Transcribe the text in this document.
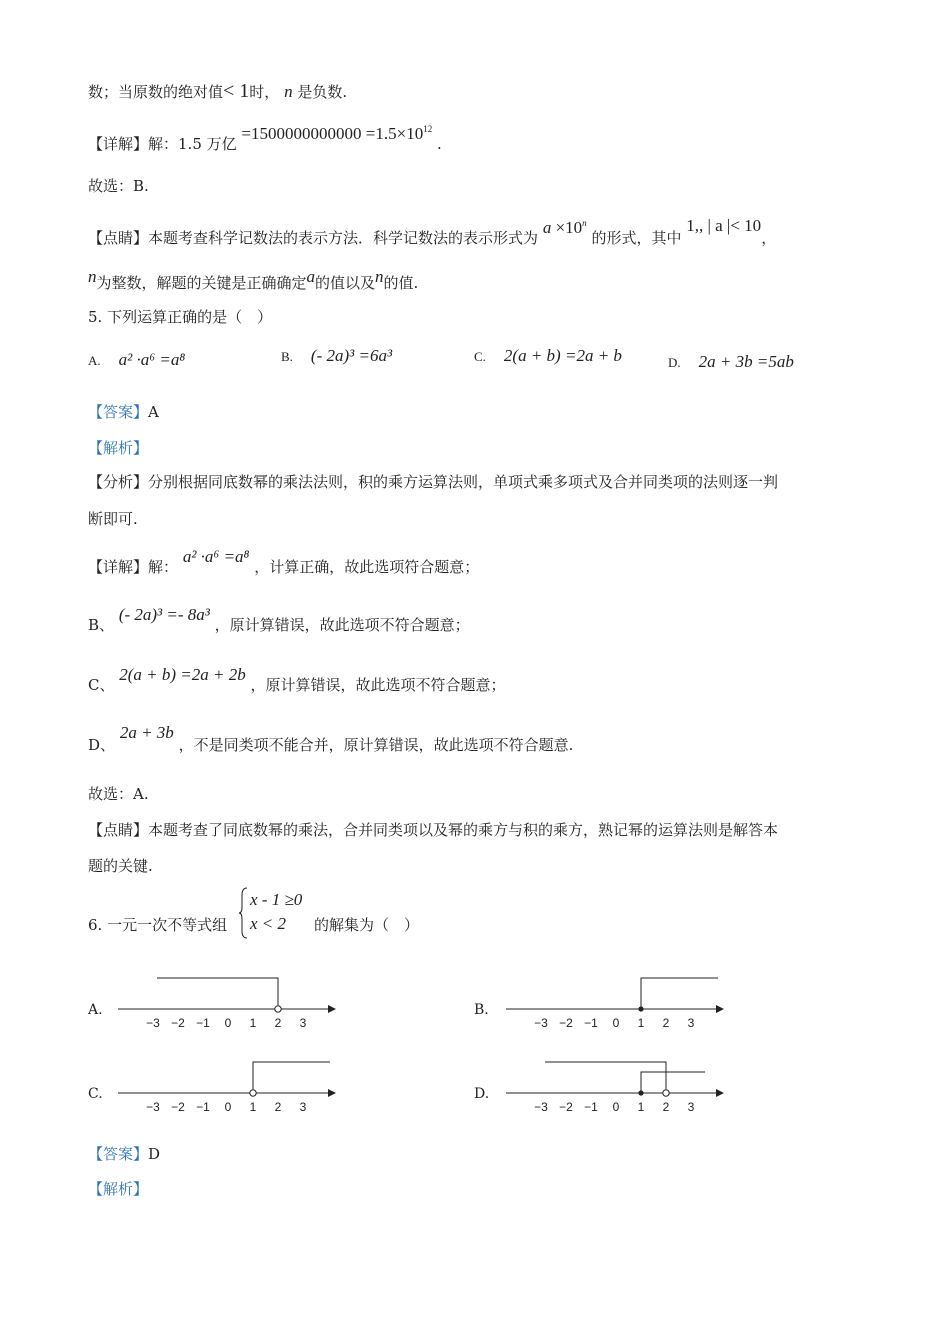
数；当原数的绝对值< 1时， n 是负数.
【详解】解：1.5 万亿 $=1500000000000 =1.5\times 10^{12}$ .
故选：B.
【点睛】本题考查科学记数法的表示方法．科学记数法的表示形式为 $a \times 10^n$ 的形式，其中 1,, | a |< 10，
n为整数，解题的关键是正确确定a的值以及n的值.
5. 下列运算正确的是（　）
A. a² ·a⁶ =a⁸	B. (- 2a)³ =6a³	C. 2(a + b) =2a + b	D. 2a + 3b =5ab
【答案】A
【解析】
【分析】分别根据同底数幂的乘法法则，积的乘方运算法则，单项式乘多项式及合并同类项的法则逐一判
断即可.
【详解】解： a² ·a⁶ =a⁸ ，计算正确，故此选项符合题意；
B、 (- 2a)³ =- 8a³ ，原计算错误，故此选项不符合题意；
C、 2(a + b) =2a + 2b ，原计算错误，故此选项不符合题意；
D、 2a + 3b ，不是同类项不能合并，原计算错误，故此选项不符合题意.
故选：A.
【点睛】本题考查了同底数幂的乘法，合并同类项以及幂的乘方与积的乘方，熟记幂的运算法则是解答本
题的关键.
6. 一元一次不等式组
x - 1 ≥0
x < 2	的解集为（　）
A.
−3 −2 −1 0 1 2 3
B.
−3 −2 −1 0 1 2 3
C.
−3 −2 −1 0 1 2 3
D.
−3 −2 −1 0 1 2 3
【答案】D
【解析】
